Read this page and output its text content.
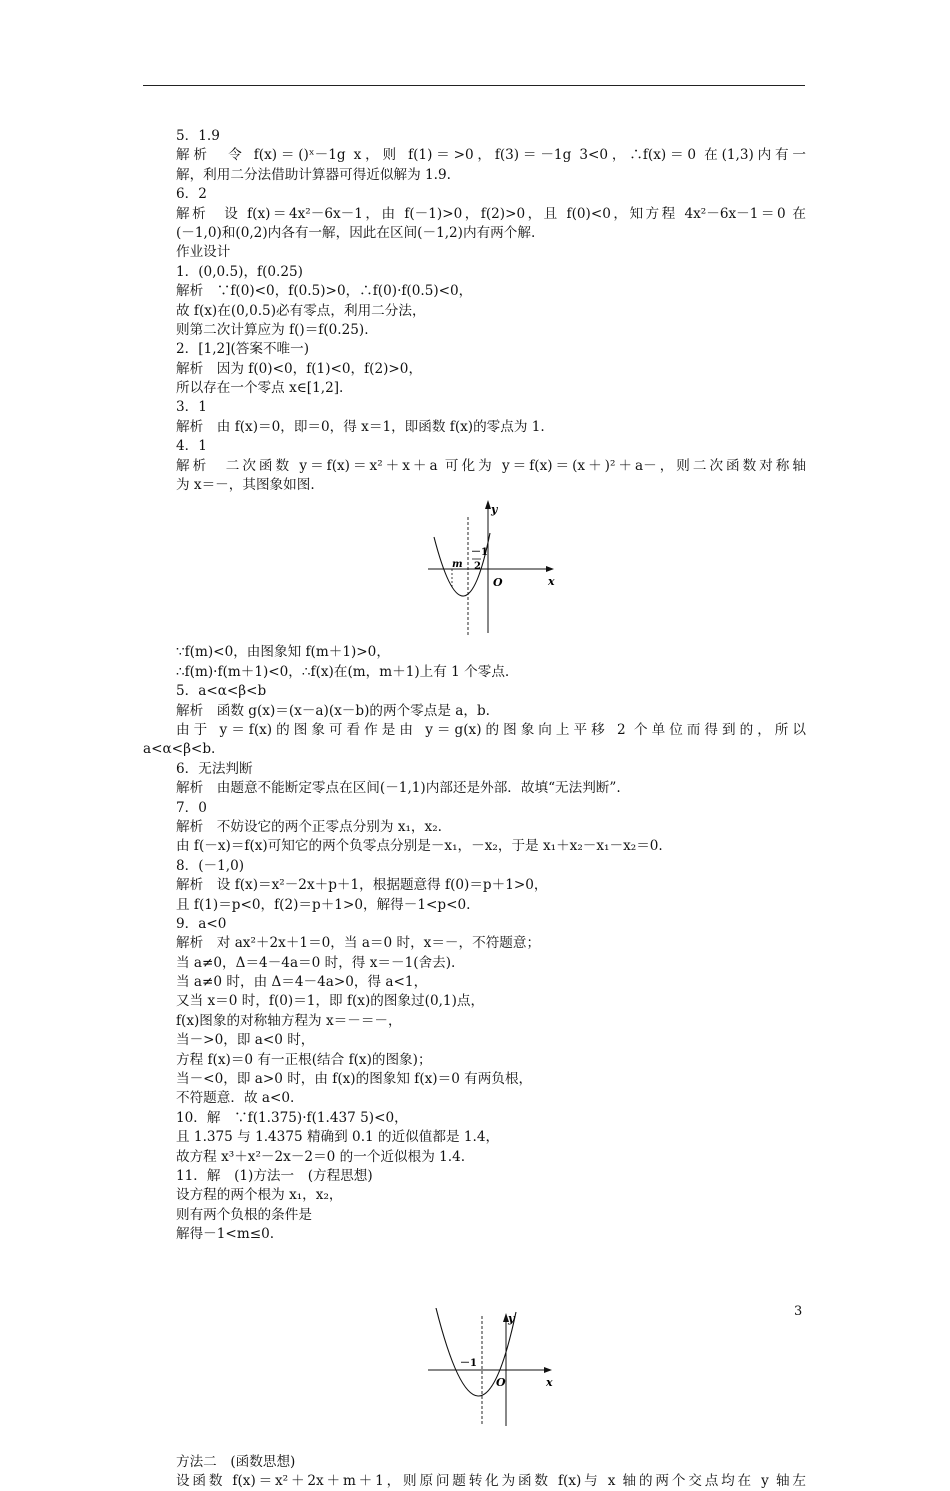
5．1.9
解析　令 f(x)＝()ˣ－1g x，则 f(1)＝>0，f(3)＝－1g 3<0，∴f(x)＝0 在(1,3)内有一
解，利用二分法借助计算器可得近似解为 1.9.
6．2
解析　设 f(x)＝4x²－6x－1，由 f(－1)>0，f(2)>0，且 f(0)<0，知方程 4x²－6x－1＝0 在
(－1,0)和(0,2)内各有一解，因此在区间(－1,2)内有两个解.
作业设计
1．(0,0.5)，f(0.25)
解析　∵f(0)<0，f(0.5)>0，∴f(0)·f(0.5)<0，
故 f(x)在(0,0.5)必有零点，利用二分法，
则第二次计算应为 f()＝f(0.25).
2．[1,2](答案不唯一)
解析　因为 f(0)<0，f(1)<0，f(2)>0，
所以存在一个零点 x∈[1,2].
3．1
解析　由 f(x)＝0，即＝0，得 x＝1，即函数 f(x)的零点为 1.
4．1
解析　二次函数 y＝f(x)＝x²＋x＋a 可化为 y＝f(x)＝(x＋)²＋a－，则二次函数对称轴
为 x＝－，其图象如图.
y
x
O
m
－1
2
∵f(m)<0，由图象知 f(m＋1)>0，
∴f(m)·f(m＋1)<0，∴f(x)在(m，m＋1)上有 1 个零点.
5．a<α<β<b
解析　函数 g(x)＝(x－a)(x－b)的两个零点是 a，b.
由于 y＝f(x)的图象可看作是由 y＝g(x)的图象向上平移 2 个单位而得到的，所以
a<α<β<b.
6．无法判断
解析　由题意不能断定零点在区间(－1,1)内部还是外部．故填“无法判断”.
7．0
解析　不妨设它的两个正零点分别为 x₁，x₂.
由 f(－x)＝f(x)可知它的两个负零点分别是－x₁，－x₂，于是 x₁＋x₂－x₁－x₂＝0.
8．(－1,0)
解析　设 f(x)＝x²－2x＋p＋1，根据题意得 f(0)＝p＋1>0，
且 f(1)＝p<0，f(2)＝p＋1>0，解得－1<p<0.
9．a<0
解析　对 ax²＋2x＋1＝0，当 a＝0 时，x＝－，不符题意；
当 a≠0，Δ＝4－4a＝0 时，得 x＝－1(舍去).
当 a≠0 时，由 Δ＝4－4a>0，得 a<1，
又当 x＝0 时，f(0)＝1，即 f(x)的图象过(0,1)点，
f(x)图象的对称轴方程为 x＝－＝－，
当－>0，即 a<0 时，
方程 f(x)＝0 有一正根(结合 f(x)的图象)；
当－<0，即 a>0 时，由 f(x)的图象知 f(x)＝0 有两负根，
不符题意．故 a<0.
10．解　∵f(1.375)·f(1.437 5)<0，
且 1.375 与 1.4375 精确到 0.1 的近似值都是 1.4，
故方程 x³＋x²－2x－2＝0 的一个近似根为 1.4.
11．解　(1)方法一　(方程思想)
设方程的两个根为 x₁，x₂，
则有两个负根的条件是
解得－1<m≤0.
y
x
O
－1
方法二　(函数思想)
设函数 f(x)＝x²＋2x＋m＋1，则原问题转化为函数 f(x)与 x 轴的两个交点均在 y 轴左
3
